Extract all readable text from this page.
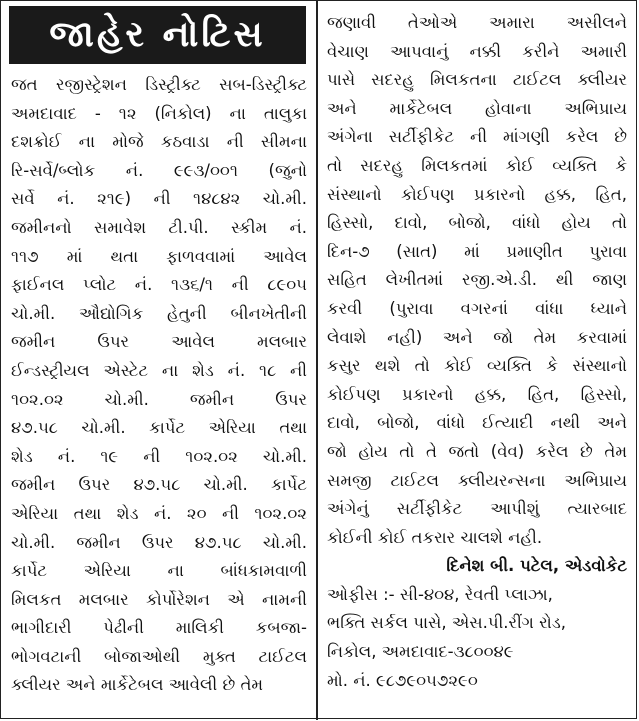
જાહેર નોટિસ
જત રજીસ્ટ્રેશન ડિસ્ટ્રીક્ટ સબ-ડિસ્ટ્રીક્ટ
અમદાવાદ - ૧૨ (નિકોલ) ના તાલુકા
દશક્રોઈ ના મોજે કઠવાડા ની સીમના
રિ-સર્વે/બ્લોક નં. ૯૯૩/૦૦૧ (જુનો
સર્વે નં. ૨૧૯) ની ૧૪૮૪૨ ચો.મી.
જમીનનો સમાવેશ ટી.પી. સ્કીમ નં.
૧૧૭ માં થતા ફાળવવામાં આવેલ
ફાઈનલ પ્લોટ નં. ૧૩૬/૧ ની ૮૯૦૫
ચો.મી. ઔદ્યોગિક હેતુની બીનખેતીની
જમીન ઉપર આવેલ મલબાર
ઈન્ડસ્ટ્રીયલ એસ્ટેટ ના શેડ નં. ૧૮ ની
૧૦૨.૦૨ ચો.મી. જમીન ઉપર
૪૭.૫૮ ચો.મી. કાર્પેટ એરિયા તથા
શેડ નં. ૧૯ ની ૧૦૨.૦૨ ચો.મી.
જમીન ઉપર ૪૭.૫૮ ચો.મી. કાર્પેટ
એરિયા તથા શેડ નં. ૨૦ ની ૧૦૨.૦૨
ચો.મી. જમીન ઉપર ૪૭.૫૮ ચો.મી.
કાર્પેટ એરિયા ના બાંધકામવાળી
મિલકત મલબાર કોર્પોરેશન એ નામની
ભાગીદારી પેઢીની માલિકી કબજા-
ભોગવટાની બોજાઓથી મુક્ત ટાઈટલ
ક્લીયર અને માર્કેટેબલ આવેલી છે તેમ
જણાવી તેઓએ અમારા અસીલને
વેચાણ આપવાનું નક્કી કરીને અમારી
પાસે સદરહુ મિલકતના ટાઈટલ ક્લીયર
અને માર્કેટેબલ હોવાના અભિપ્રાય
અંગેના સર્ટીફીકેટ ની માંગણી કરેલ છે
તો સદરહુ મિલકતમાં કોઈ વ્યક્તિ કે
સંસ્થાનો કોઈપણ પ્રકારનો હક્ક, હિત,
હિસ્સો, દાવો, બોજો, વાંધો હોય તો
દિન-૭ (સાત) માં પ્રમાણીત પુરાવા
સહિત લેખીતમાં રજી.એ.ડી. થી જાણ
કરવી (પુરાવા વગરનાં વાંધા ધ્યાને
લેવાશે નહી) અને જો તેમ કરવામાં
કસુર થશે તો કોઈ વ્યક્તિ કે સંસ્થાનો
કોઈપણ પ્રકારનો હક્ક, હિત, હિસ્સો,
દાવો, બોજો, વાંધો ઈત્યાદી નથી અને
જો હોય તો તે જતો (વેવ) કરેલ છે તેમ
સમજી ટાઈટલ ક્લીયરન્સના અભિપ્રાય
અંગેનું સર્ટીફીકેટ આપીશું ત્યારબાદ
કોઈની કોઈ તકરાર ચાલશે નહી.
દિનેશ બી. પટેલ, એડવોકેટ
ઓફીસ :- સી-૪૦૪, રેવતી પ્લાઝા,
ભક્તિ સર્કલ પાસે, એસ.પી.રીંગ રોડ,
નિકોલ, અમદાવાદ-૩૮૦૦૪૯
મો. નં. ૯૮૭૯૦૫૭૨૯૦
